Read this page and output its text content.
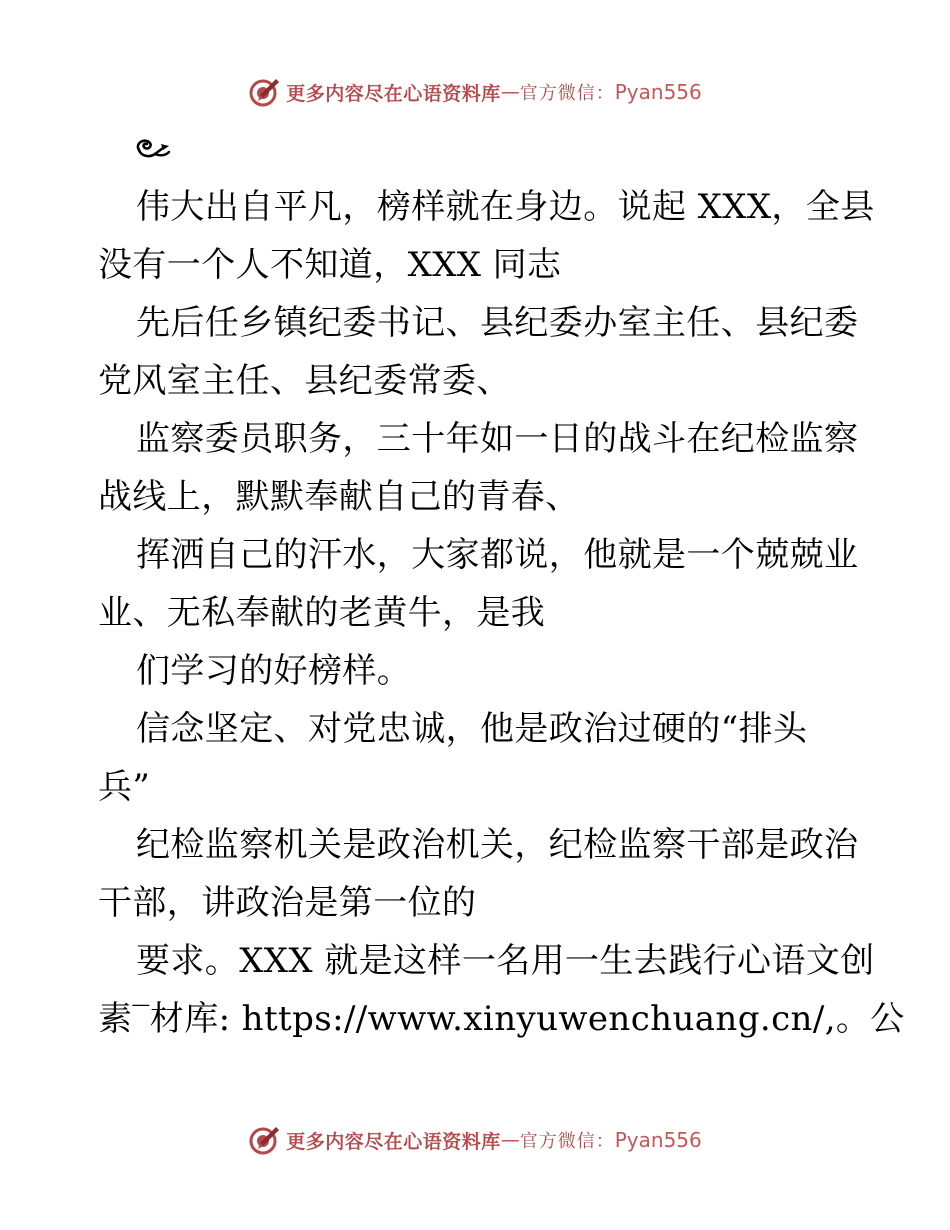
更多内容尽在心语资料库 — 官方微信： Pyan556
伟大出自平凡，榜样就在身边。说起 XXX，全县
没有一个人不知道，XXX 同志
先后任乡镇纪委书记、县纪委办室主任、县纪委
党风室主任、县纪委常委、
监察委员职务，三十年如一日的战斗在纪检监察
战线上，默默奉献自己的青春、
挥洒自己的汗水，大家都说，他就是一个兢兢业
业、无私奉献的老黄牛，是我
们学习的好榜样。
信念坚定、对党忠诚，他是政治过硬的“排头
兵”
纪检监察机关是政治机关，纪检监察干部是政治
干部，讲政治是第一位的
要求。XXX 就是这样一名用一生去践行心语文创
素‾材库: https://www.xinyuwenchuang.cn/,。公
更多内容尽在心语资料库 — 官方微信： Pyan556
